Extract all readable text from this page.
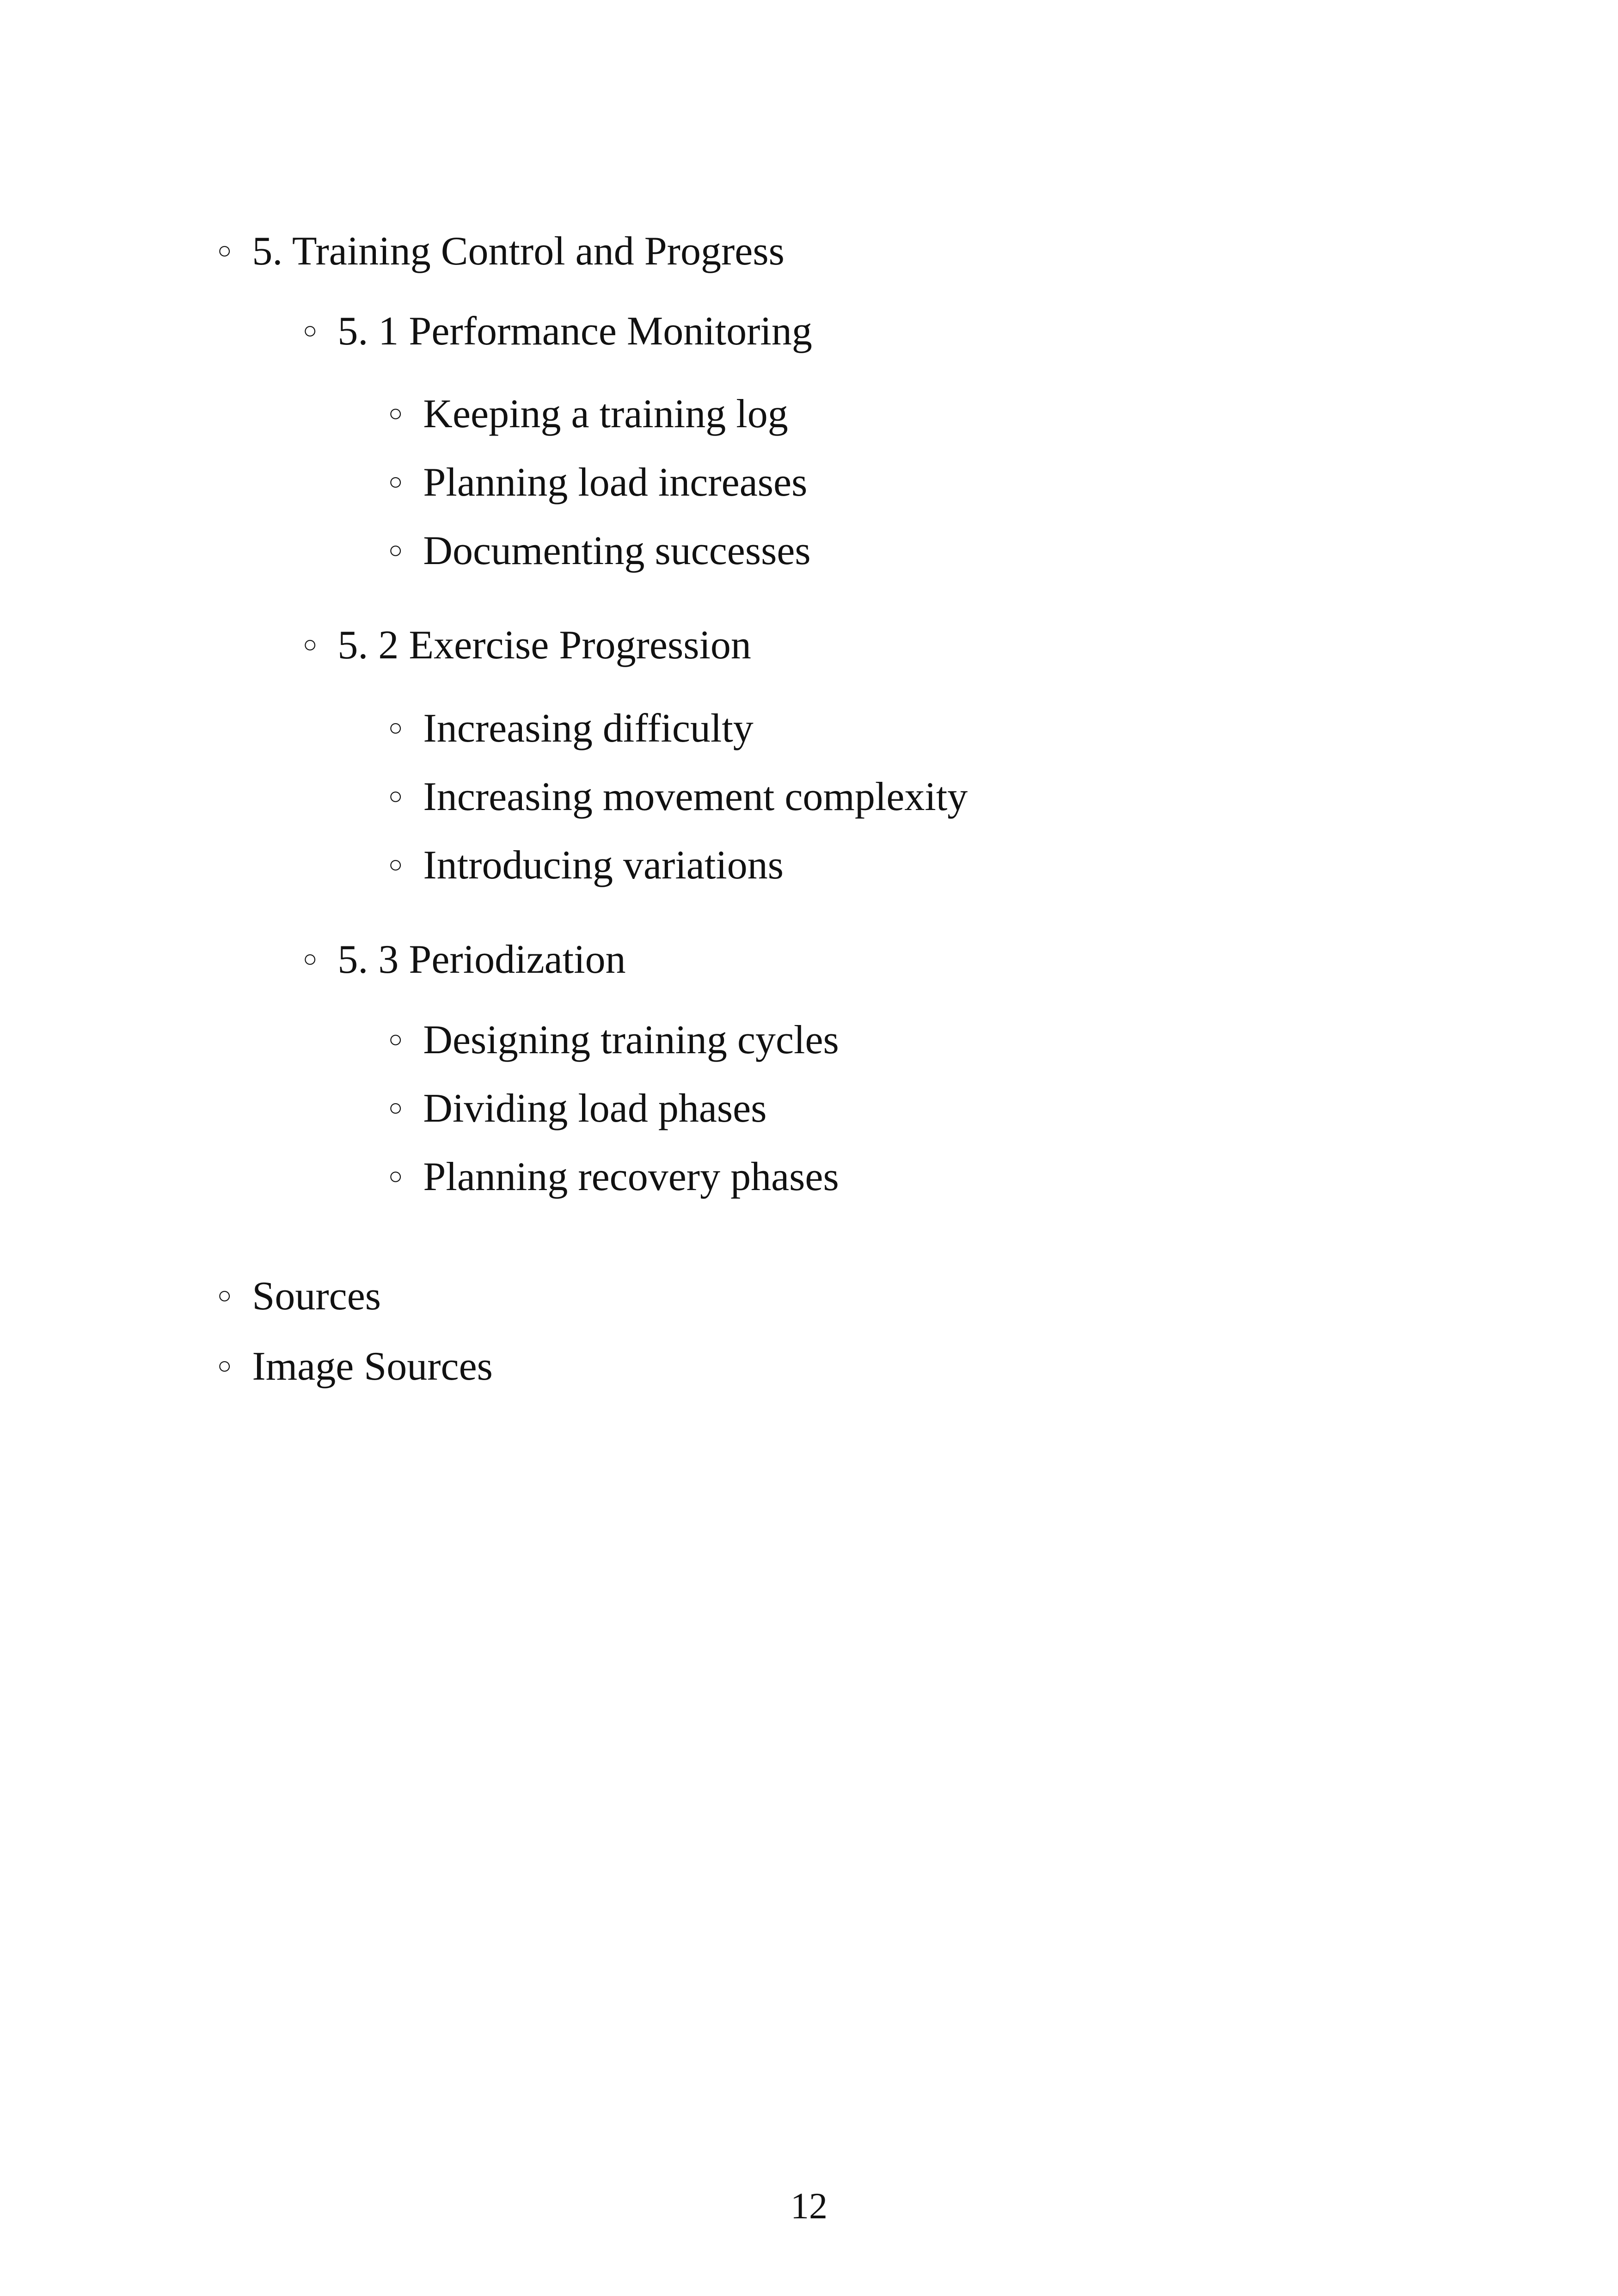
○ 5. Training Control and Progress
○ 5. 1 Performance Monitoring
○ Keeping a training log
○ Planning load increases
○ Documenting successes
○ 5. 2 Exercise Progression
○ Increasing difficulty
○ Increasing movement complexity
○ Introducing variations
○ 5. 3 Periodization
○ Designing training cycles
○ Dividing load phases
○ Planning recovery phases
○ Sources
○ Image Sources
12
